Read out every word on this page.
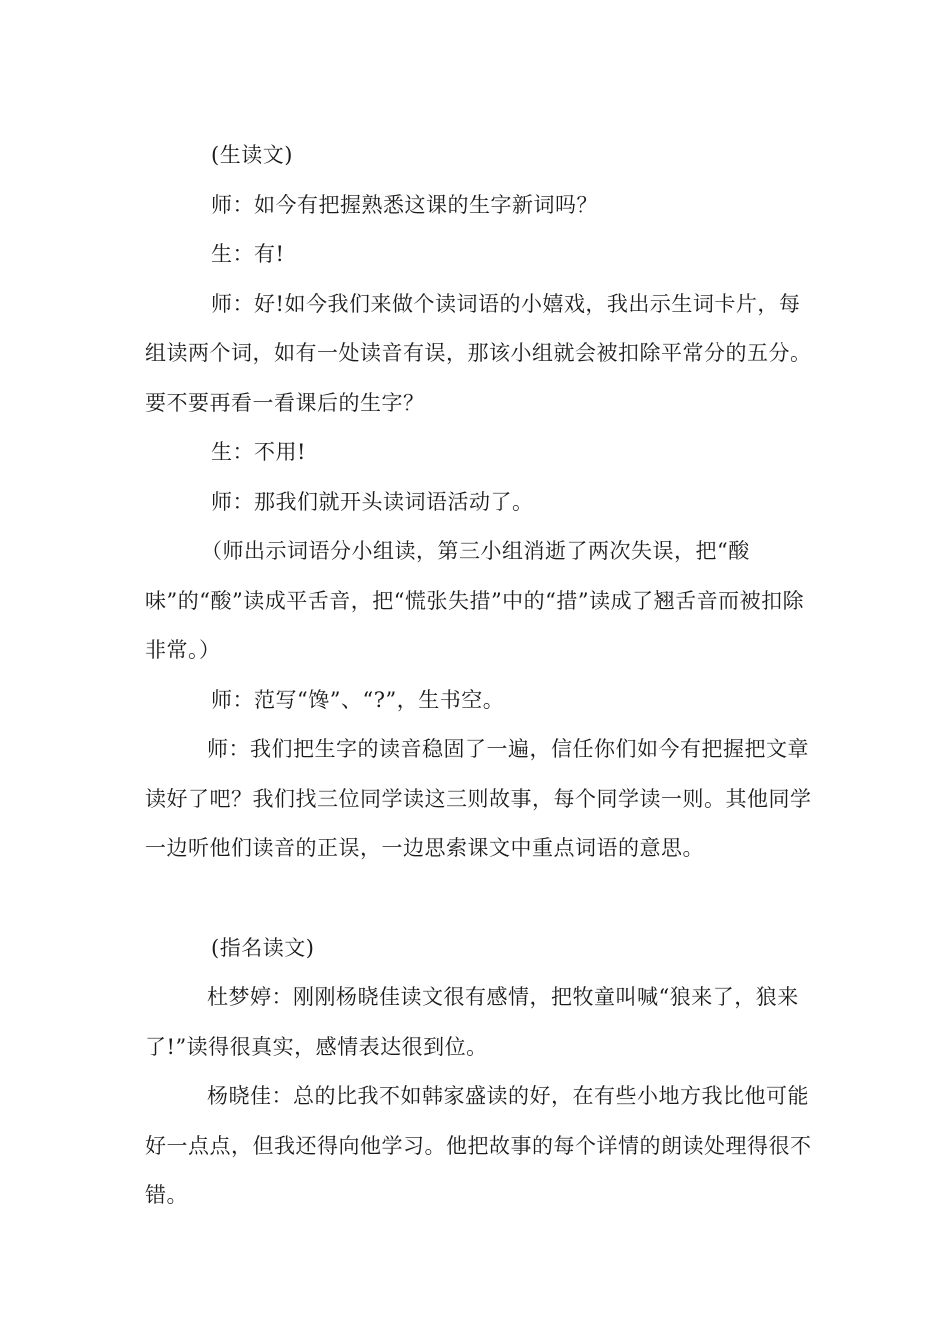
(生读文)

师：如今有把握熟悉这课的生字新词吗？

生：有!

师：好!如今我们来做个读词语的小嬉戏，我出示生词卡片，每组读两个词，如有一处读音有误，那该小组就会被扣除平常分的五分。要不要再看一看课后的生字？

生：不用!

师：那我们就开头读词语活动了。

（师出示词语分小组读，第三小组消逝了两次失误，把“酸味”的“酸”读成平舌音，把“慌张失措”中的“措”读成了翘舌音而被扣除非常。）

师：范写“馋”、“?”，生书空。

师：我们把生字的读音稳固了一遍，信任你们如今有把握把文章读好了吧？我们找三位同学读这三则故事，每个同学读一则。其他同学一边听他们读音的正误，一边思索课文中重点词语的意思。

(指名读文)

杜梦婷：刚刚杨晓佳读文很有感情，把牧童叫喊“狼来了，狼来了!”读得很真实，感情表达很到位。

杨晓佳：总的比我不如韩家盛读的好，在有些小地方我比他可能好一点点，但我还得向他学习。他把故事的每个详情的朗读处理得很不错。
